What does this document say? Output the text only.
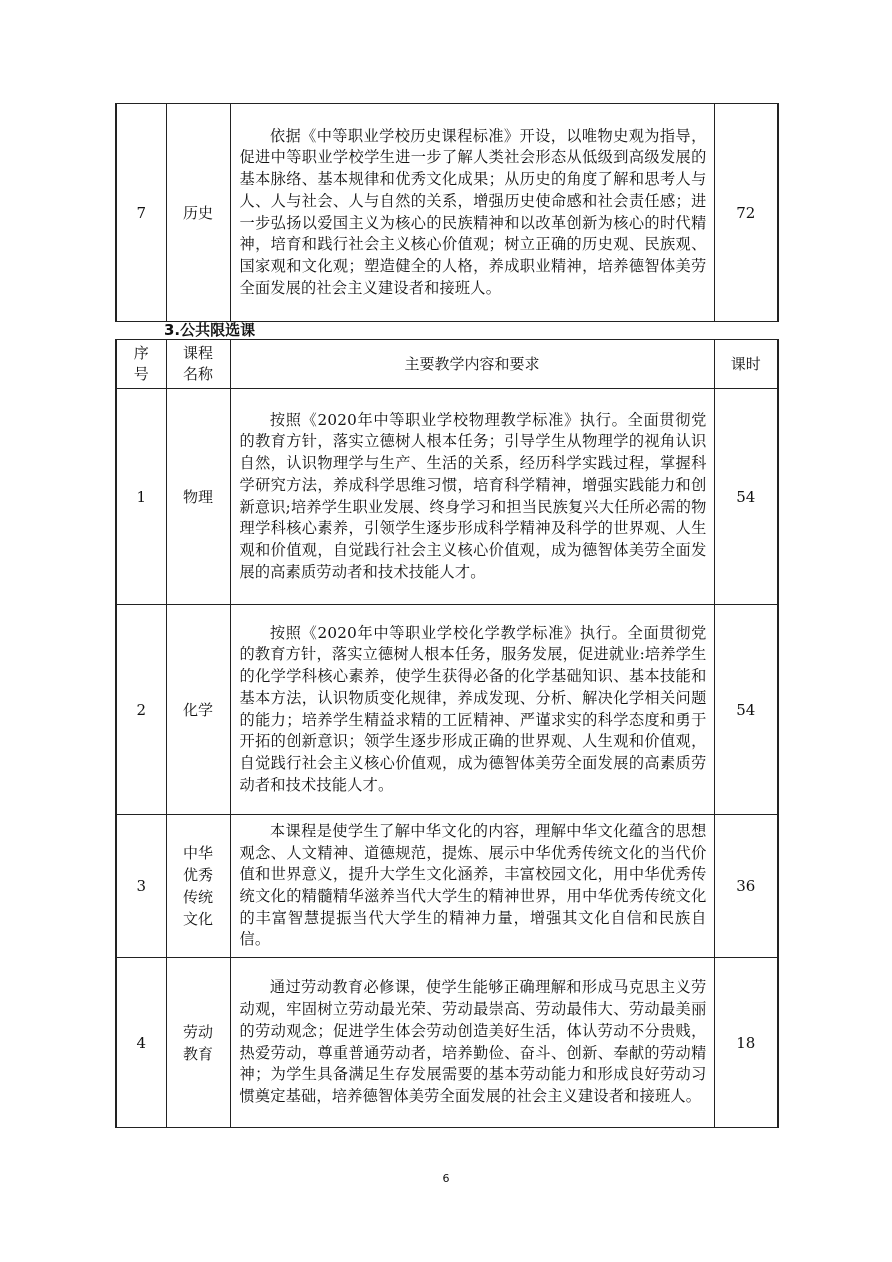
7	历史	依据《中等职业学校历史课程标准》开设，以唯物史观为指导，促进中等职业学校学生进一步了解人类社会形态从低级到高级发展的基本脉络、基本规律和优秀文化成果；从历史的角度了解和思考人与人、人与社会、人与自然的关系，增强历史使命感和社会责任感；进一步弘扬以爱国主义为核心的民族精神和以改革创新为核心的时代精神，培育和践行社会主义核心价值观；树立正确的历史观、民族观、国家观和文化观；塑造健全的人格，养成职业精神，培养德智体美劳全面发展的社会主义建设者和接班人。	72
3.公共限选课
序号	课程名称	主要教学内容和要求	课时
1	物理	按照《2020年中等职业学校物理教学标准》执行。全面贯彻党的教育方针，落实立德树人根本任务；引导学生从物理学的视角认识自然，认识物理学与生产、生活的关系，经历科学实践过程，掌握科学研究方法，养成科学思维习惯，培育科学精神，增强实践能力和创新意识;培养学生职业发展、终身学习和担当民族复兴大任所必需的物理学科核心素养，引领学生逐步形成科学精神及科学的世界观、人生观和价值观，自觉践行社会主义核心价值观，成为德智体美劳全面发展的高素质劳动者和技术技能人才。	54
2	化学	按照《2020年中等职业学校化学教学标准》执行。全面贯彻党的教育方针，落实立德树人根本任务，服务发展，促进就业:培养学生的化学学科核心素养，使学生获得必备的化学基础知识、基本技能和基本方法，认识物质变化规律，养成发现、分析、解决化学相关问题的能力；培养学生精益求精的工匠精神、严谨求实的科学态度和勇于开拓的创新意识；领学生逐步形成正确的世界观、人生观和价值观，自觉践行社会主义核心价值观，成为德智体美劳全面发展的高素质劳动者和技术技能人才。	54
3	中华优秀传统文化	本课程是使学生了解中华文化的内容，理解中华文化蕴含的思想观念、人文精神、道德规范，提炼、展示中华优秀传统文化的当代价值和世界意义，提升大学生文化涵养，丰富校园文化，用中华优秀传统文化的精髓精华滋养当代大学生的精神世界，用中华优秀传统文化的丰富智慧提振当代大学生的精神力量，增强其文化自信和民族自信。	36
4	劳动教育	通过劳动教育必修课，使学生能够正确理解和形成马克思主义劳动观，牢固树立劳动最光荣、劳动最崇高、劳动最伟大、劳动最美丽的劳动观念；促进学生体会劳动创造美好生活，体认劳动不分贵贱，热爱劳动，尊重普通劳动者，培养勤俭、奋斗、创新、奉献的劳动精神；为学生具备满足生存发展需要的基本劳动能力和形成良好劳动习惯奠定基础，培养德智体美劳全面发展的社会主义建设者和接班人。	18
6
